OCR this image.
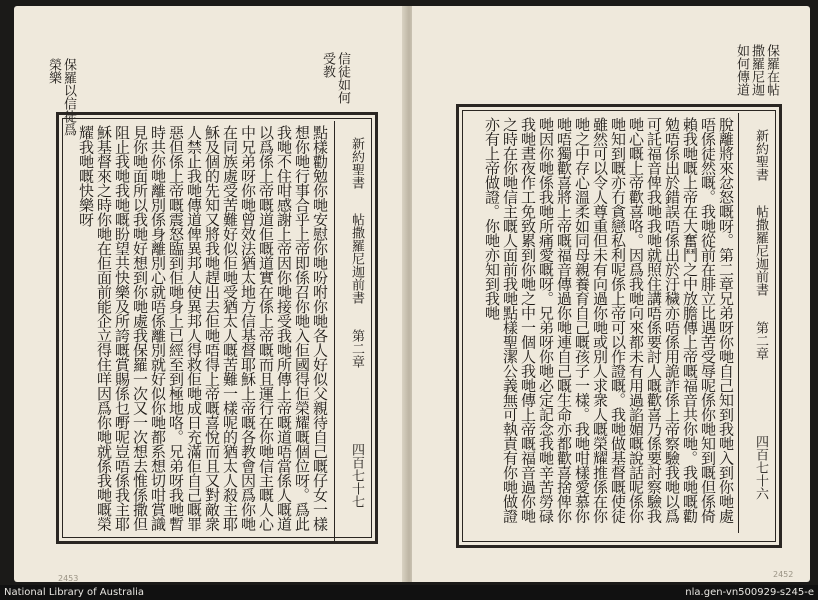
保羅以信徒爲榮樂	信徒如何受教
點樣勸勉你哋安慰你哋吩咐你哋各人好似父親待自己嘅仔女一樣想你哋行事合乎上帝即係召你哋入佢國得佢榮耀嘅個位呀。爲此我哋不住咁感謝上帝因你哋接受我哋所傳上帝嘅道唔當係人嘅道以爲係上帝嘅道佢嘅道實在係上帝嘅而且運行在你哋信主嘅人心中兄弟呀你哋曾效法猶太地方信基督耶穌上帝嘅各教會因爲你哋在同族處受苦難好似佢哋受猶太人嘅苦難一樣呢的猶太人殺主耶穌及個的先知又將我哋趕出去佢哋唔得上帝嘅喜悅而且又對敵衆人禁止我哋傳道俾異邦人使異邦人得救佢哋成日充滿佢自己嘅罪惡但係上帝嘅震怒臨到佢哋身上已經至到極地咯。兄弟呀我哋暫時共你哋離別係身離別心就唔係離別就好似你哋都系想切咁賞識見你哋面所以我哋好想到你哋處我保羅一次又一次想去惟係撒但阻止我哋我哋嘅盼望共快樂及所誇嘅賞賜係乜嘢呢豈唔係我主耶穌基督來之時你哋在佢面前能企立得住咩因爲你哋就係我哋嘅榮耀我哋嘅快樂呀	新約聖書
帖撒羅尼迦前書
第二章
四百七十七
2453
保羅在帖撒羅尼迦如何傳道
脫離將來忿怒嘅呀。第二章兄弟呀你哋自己知到我哋入到你哋處唔係徒然嘅。我哋從前在腓立比遇苦受辱呢係你哋知到嘅但係倚賴我哋嘅上帝在大奮鬥之中放膽傳上帝嘅福音共你哋。我哋嘅勸勉唔係出於錯誤唔係出於汙穢亦唔係用詭詐係上帝察驗我哋以爲可託福音俾我哋我哋就照住講唔係要討人嘅歡喜乃係要討察驗我哋心嘅上帝歡喜咯。因爲我哋向來都未有用過諂媚嘅說話呢係你哋知到嘅亦冇貪戀私利呢係上帝可以作證嘅。我哋做基督嘅使徒雖然可以令人尊重但未有向過你哋或別人求衆人嘅榮耀推係在你哋之中存心溫柔如同母親養育自己嘅孩子一樣。我哋咁樣愛慕你哋唔獨歡喜將上帝嘅福音傳過你哋連自己嘅生命亦都歡喜捨俾你哋因你哋係我哋所痛愛嘅呀。兄弟呀你哋必定記念我哋辛苦勞碌我哋晝夜作工免致累到你哋之中一個人我哋傳上帝嘅福音過你哋之時在你哋信主嘅人面前我哋點樣聖潔公義無可執責有你哋做證亦有上帝做證。你哋亦知到我哋	新約聖書
帖撒羅尼迦前書
第二章
四百七十六
2452
National Library of Australia	nla.gen-vn500929-s245-e
